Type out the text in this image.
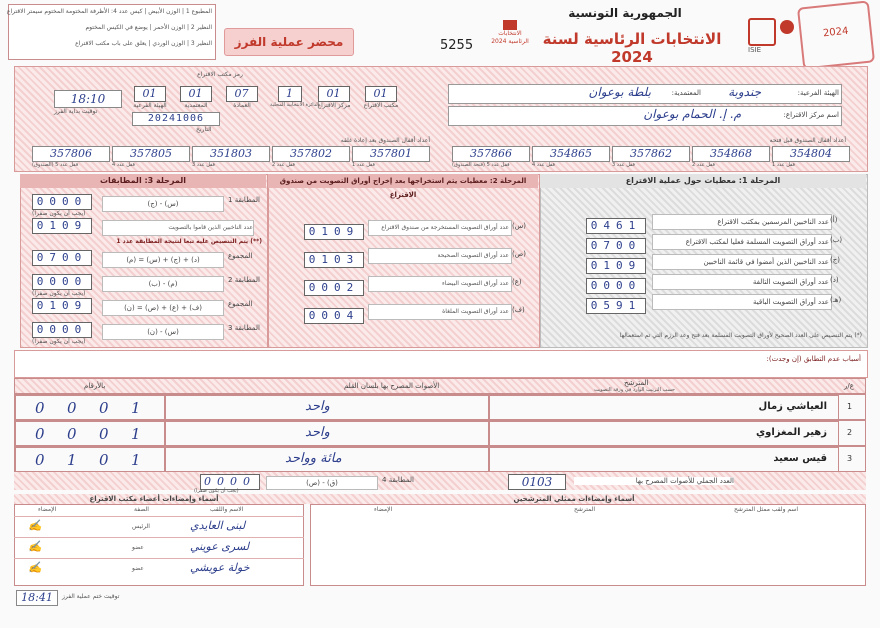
المطبوع 1 | الوزن الأبيض | كيس عدد 4: الأظرفة المختومة المختوم سيمتر الاقتراع
النظير 2 | الوزن الأحمر | يوضع في الكيس المختوم
النظير 3 | الوزن الوردي | يعلق على باب مكتب الاقتراع	محضر عملية الفرز	5255
الانتخابات الرئاسية 2024
الجمهورية التونسية
الانتخابات الرئاسية لسنة 2024	ISIE
2024
رمز مكتب الاقتراع
01
الهيئة الفرعية
01
المعتمدية
07
العمادة
1
الدائرة الانتخابية المحلية
01
مركز الاقتراع
01
مكتب الاقتراع
18:10
توقيت بداية الفرز
20241006
التاريخ
الهيئة الفرعية:
جندوبة
المعتمدية:
بلطة بوعوان
اسم مركز الاقتراع:
م. إ. الحمام بوعوان
أعداد أقفال الصندوق بعد إعادة غلقه	أعداد أقفال الصندوق قبل فتحه
357806
قفل عدد 5 (الصندوق)
357805
قفل عدد 4
351803
قفل عدد 3
357802
قفل عدد 2
357801
قفل عدد 1
357866
قفل عدد 5 (فتحة الصندوق)
354865
قفل عدد 4
357862
قفل عدد 3
354868
قفل عدد 2
354804
قفل عدد 1
المرحلة 1: معطيات حول عملية الاقتراع
0461	عدد الناخبين المرسمين بمكتب الاقتراع (أ)
0700	عدد أوراق التصويت المسلمة فعليا لمكتب الاقتراع (ب)
0109	عدد الناخبين الذين أمضوا في قائمة الناخبين (ج)
0000	عدد أوراق التصويت التالفة (د)
0591	عدد أوراق التصويت الباقية (هـ)
(*) يتم التنصيص على العدد الصحيح لأوراق التصويت المسلمة بعد فتح وعد الرزم التي تم استعمالها
المرحلة 2: معطيات يتم استخراجها بعد إخراج أوراق التصويت من صندوق الاقتراع
0109	عدد أوراق التصويت المستخرجة من صندوق الاقتراع (س)
0103	عدد أوراق التصويت الصحيحة (ص)
0002	عدد أوراق التصويت البيضاء (ع)
0004	عدد أوراق التصويت الملغاة (ف)
المرحلة 3: المطابقات
0000	(ج) - (س)	المطابقة 1
(يجب أن يكون صفرا)
0109	عدد الناخبين الذين قاموا بالتصويت
(**) يتم التنصيص عليه تبعا لنتيجة المطابقة عدد 1
0700	(م) = (س) + (ج) + (د)	المجموع
0000	(ب) - (م)	المطابقة 2
(يجب أن يكون صفرا)
0109	(ن) = (ص) + (ع) + (ف)	المجموع
0000	(ن) - (س)	المطابقة 3
(يجب أن يكون صفرا)
أسباب عدم التطابق (إن وجدت):
بالأرقام	الأصوات المصرح بها بلسان القلم	المترشح
حسب الترتيب الوارد في ورقة التصويت	ع/ر
0 0 0 1	واحد	العياشي زمال	1
0 0 0 1	واحد	زهير المغزاوي	2
0 1 0 1	مائة وواحد	قيس سعيد	3
0000	(ص) - (ق)	المطابقة 4
(يجب أن يكون صفرا)
0103	العدد الجملي للأصوات المصرح بها
أسماء وإمضاءات أعضاء مكتب الاقتراع	أسماء وإمضاءات ممثلي المترشحين
الإمضاء	الصفة	الاسم واللقب
✍	الرئيس	لبنى العايدي
✍	عضو	لسرى عويني
✍	عضو	خولة عويشي
الإمضاء	المترشح	اسم ولقب ممثل المترشح
18:41	توقيت ختم عملية الفرز
